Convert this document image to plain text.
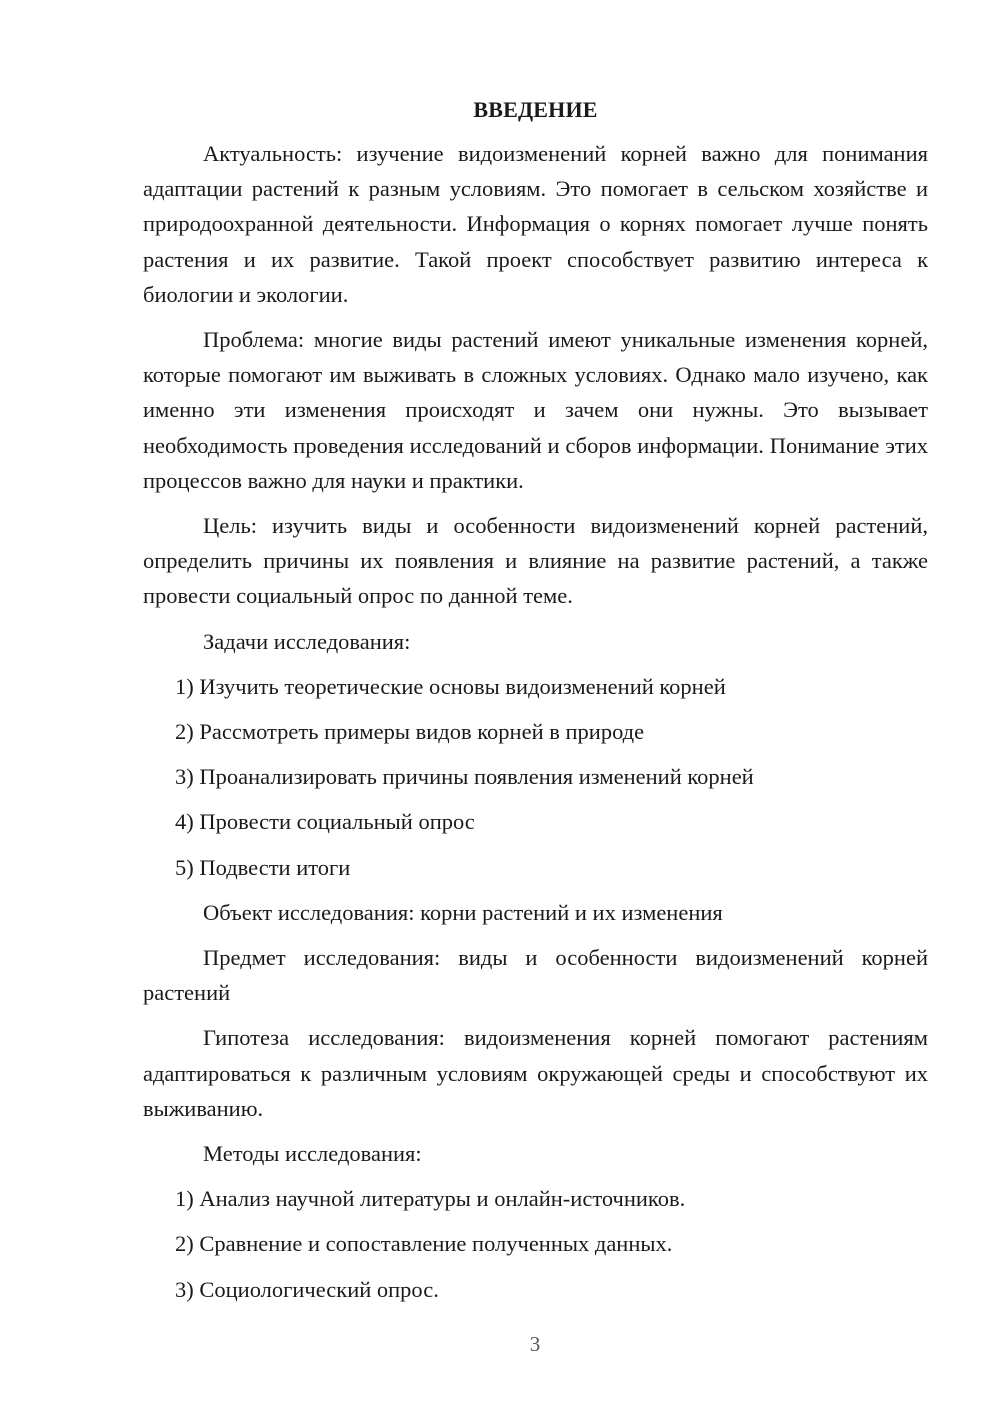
ВВЕДЕНИЕ

Актуальность: изучение видоизменений корней важно для понимания адаптации растений к разным условиям. Это помогает в сельском хозяйстве и природоохранной деятельности. Информация о корнях помогает лучше понять растения и их развитие. Такой проект способствует развитию интереса к биологии и экологии.

Проблема: многие виды растений имеют уникальные изменения корней, которые помогают им выживать в сложных условиях. Однако мало изучено, как именно эти изменения происходят и зачем они нужны. Это вызывает необходимость проведения исследований и сборов информации. Понимание этих процессов важно для науки и практики.

Цель: изучить виды и особенности видоизменений корней растений, определить причины их появления и влияние на развитие растений, а также провести социальный опрос по данной теме.

Задачи исследования:

1) Изучить теоретические основы видоизменений корней
2) Рассмотреть примеры видов корней в природе
3) Проанализировать причины появления изменений корней
4) Провести социальный опрос
5) Подвести итоги

Объект исследования: корни растений и их изменения

Предмет исследования: виды и особенности видоизменений корней растений

Гипотеза исследования: видоизменения корней помогают растениям адаптироваться к различным условиям окружающей среды и способствуют их выживанию.

Методы исследования:

1) Анализ научной литературы и онлайн-источников.
2) Сравнение и сопоставление полученных данных.
3) Социологический опрос.
3
